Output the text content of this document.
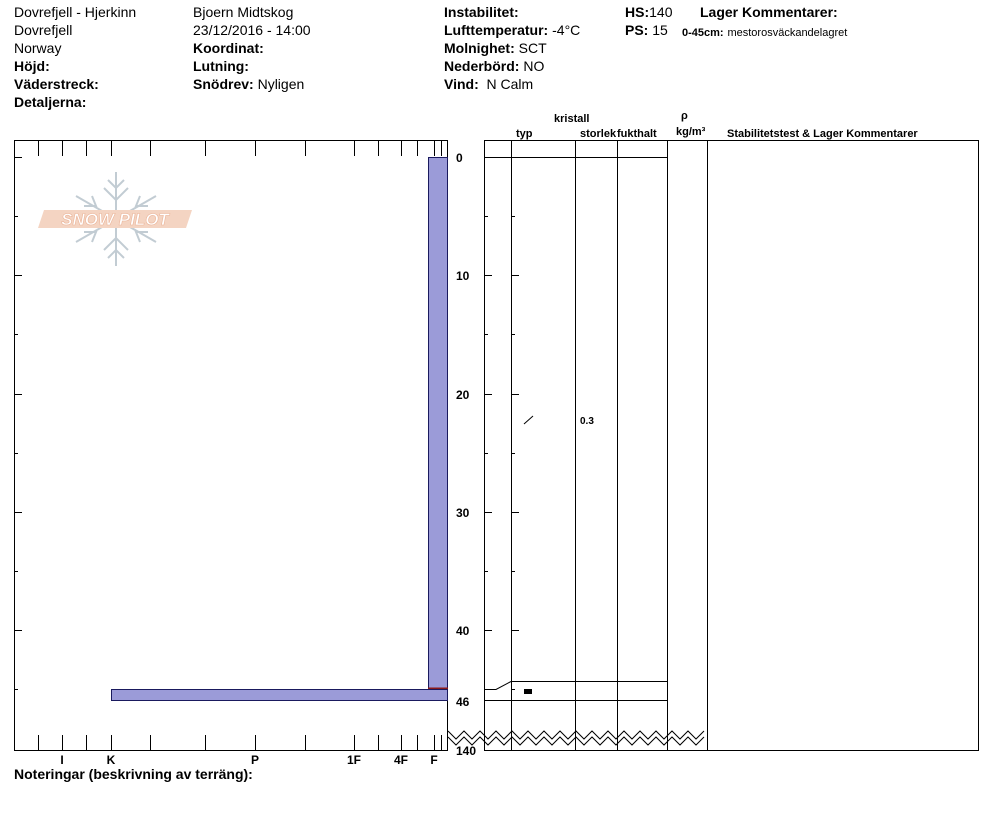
Dovrefjell - Hjerkinn
Dovrefjell
Norway
Höjd:
Väderstreck:
Detaljerna:
Bjoern Midtskog
23/12/2016 - 14:00
Koordinat:
Lutning:
Snödrev: Nyligen
Instabilitet:
Lufttemperatur: -4°C
Molnighet: SCT
Nederbörd: NO
Vind: N Calm
HS:140
PS: 15
Lager Kommentarer:
0-45cm: mestorosväckandelagret
kristall
typ	storlek fukthalt
ρ
kg/m³ Stabilitetstest & Lager Kommentarer
SNOW PILOT
0
10
20
30
40
46
140
I	K	P	1F	4F F
0.3
Noteringar (beskrivning av terräng):
